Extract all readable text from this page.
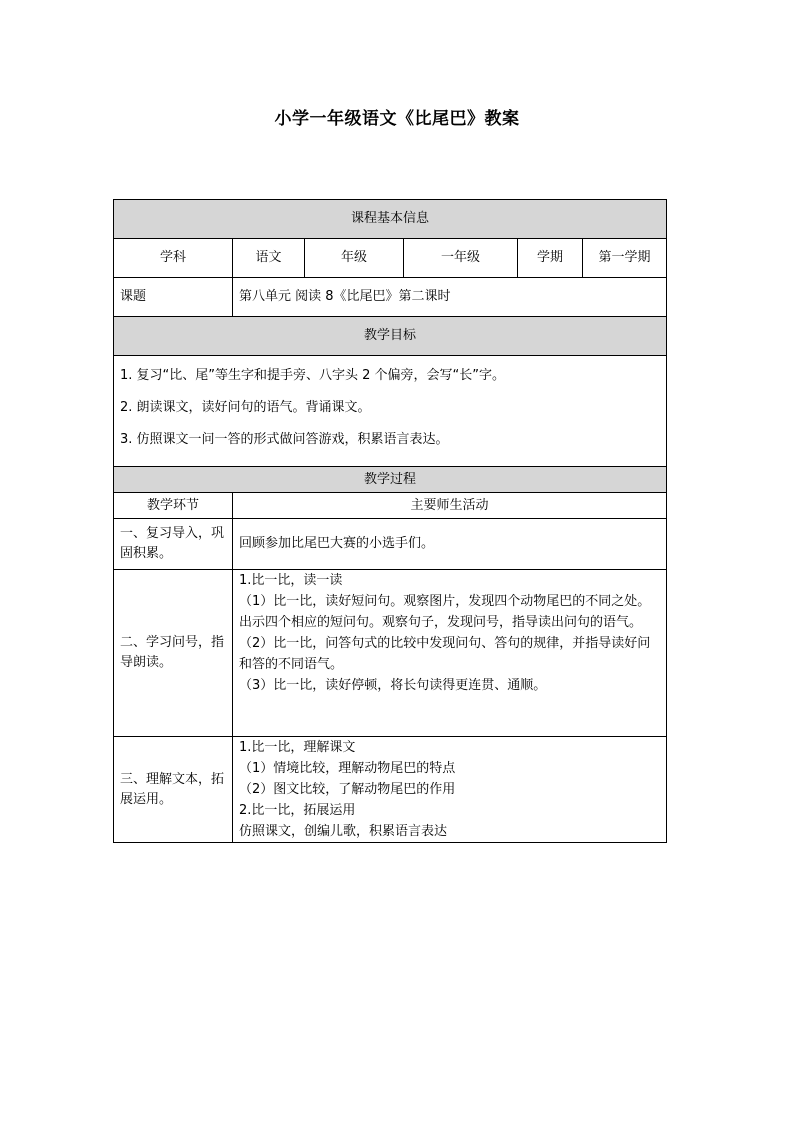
小学一年级语文《比尾巴》教案
课程基本信息					
学科	语文	年级	一年级	学期	第一学期
课题	第八单元 阅读 8《比尾巴》第二课时				
教学目标					

1. 复习“比、尾”等生字和提手旁、八字头 2 个偏旁，会写“长”字。

2. 朗读课文，读好问句的语气。背诵课文。

3. 仿照课文一问一答的形式做问答游戏，积累语言表达。					

教学过程					
教学环节	主要师生活动				
一、复习导入，巩固积累。	回顾参加比尾巴大赛的小选手们。				

二、学习问号，指导朗读。	1.比一比，读一读

（1）比一比，读好短问句。观察图片，发现四个动物尾巴的不同之处。出示四个相应的短问句。观察句子，发现问号，指导读出问句的语气。

（2）比一比，问答句式的比较中发现问句、答句的规律，并指导读好问和答的不同语气。

（3）比一比，读好停顿，将长句读得更连贯、通顺。				

三、理解文本，拓展运用。	1.比一比，理解课文

（1）情境比较，理解动物尾巴的特点

（2）图文比较，了解动物尾巴的作用

2.比一比，拓展运用

仿照课文，创编儿歌，积累语言表达				
